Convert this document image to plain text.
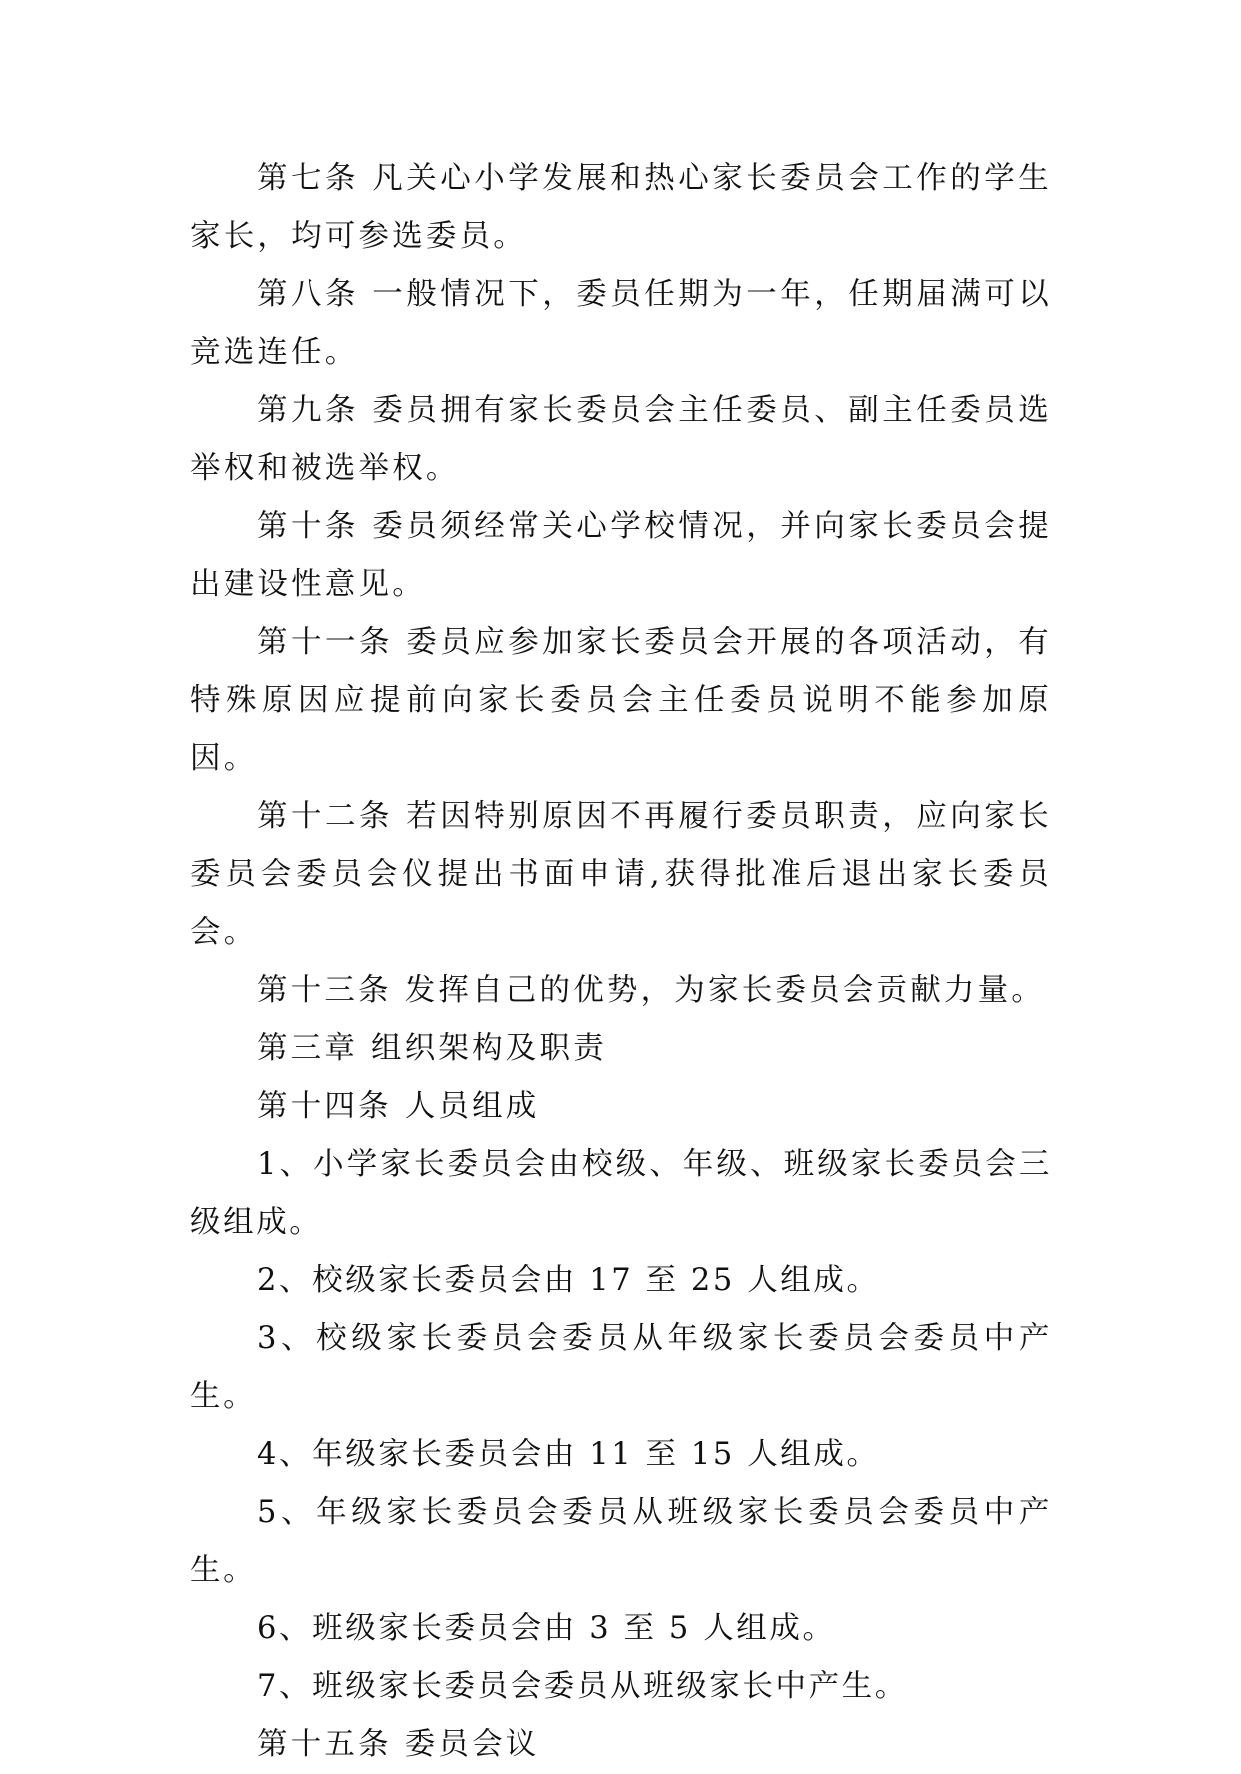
第七条 凡关心小学发展和热心家长委员会工作的学生家长，均可参选委员。

第八条 一般情况下，委员任期为一年，任期届满可以竞选连任。

第九条 委员拥有家长委员会主任委员、副主任委员选举权和被选举权。

第十条 委员须经常关心学校情况，并向家长委员会提出建设性意见。

第十一条 委员应参加家长委员会开展的各项活动，有特殊原因应提前向家长委员会主任委员说明不能参加原因。

第十二条 若因特别原因不再履行委员职责，应向家长委员会委员会仪提出书面申请,获得批准后退出家长委员会。

第十三条 发挥自己的优势，为家长委员会贡献力量。

第三章 组织架构及职责

第十四条 人员组成

1、小学家长委员会由校级、年级、班级家长委员会三级组成。

2、校级家长委员会由 17 至 25 人组成。

3、校级家长委员会委员从年级家长委员会委员中产生。

4、年级家长委员会由 11 至 15 人组成。

5、年级家长委员会委员从班级家长委员会委员中产生。

6、班级家长委员会由 3 至 5 人组成。

7、班级家长委员会委员从班级家长中产生。

第十五条 委员会议
